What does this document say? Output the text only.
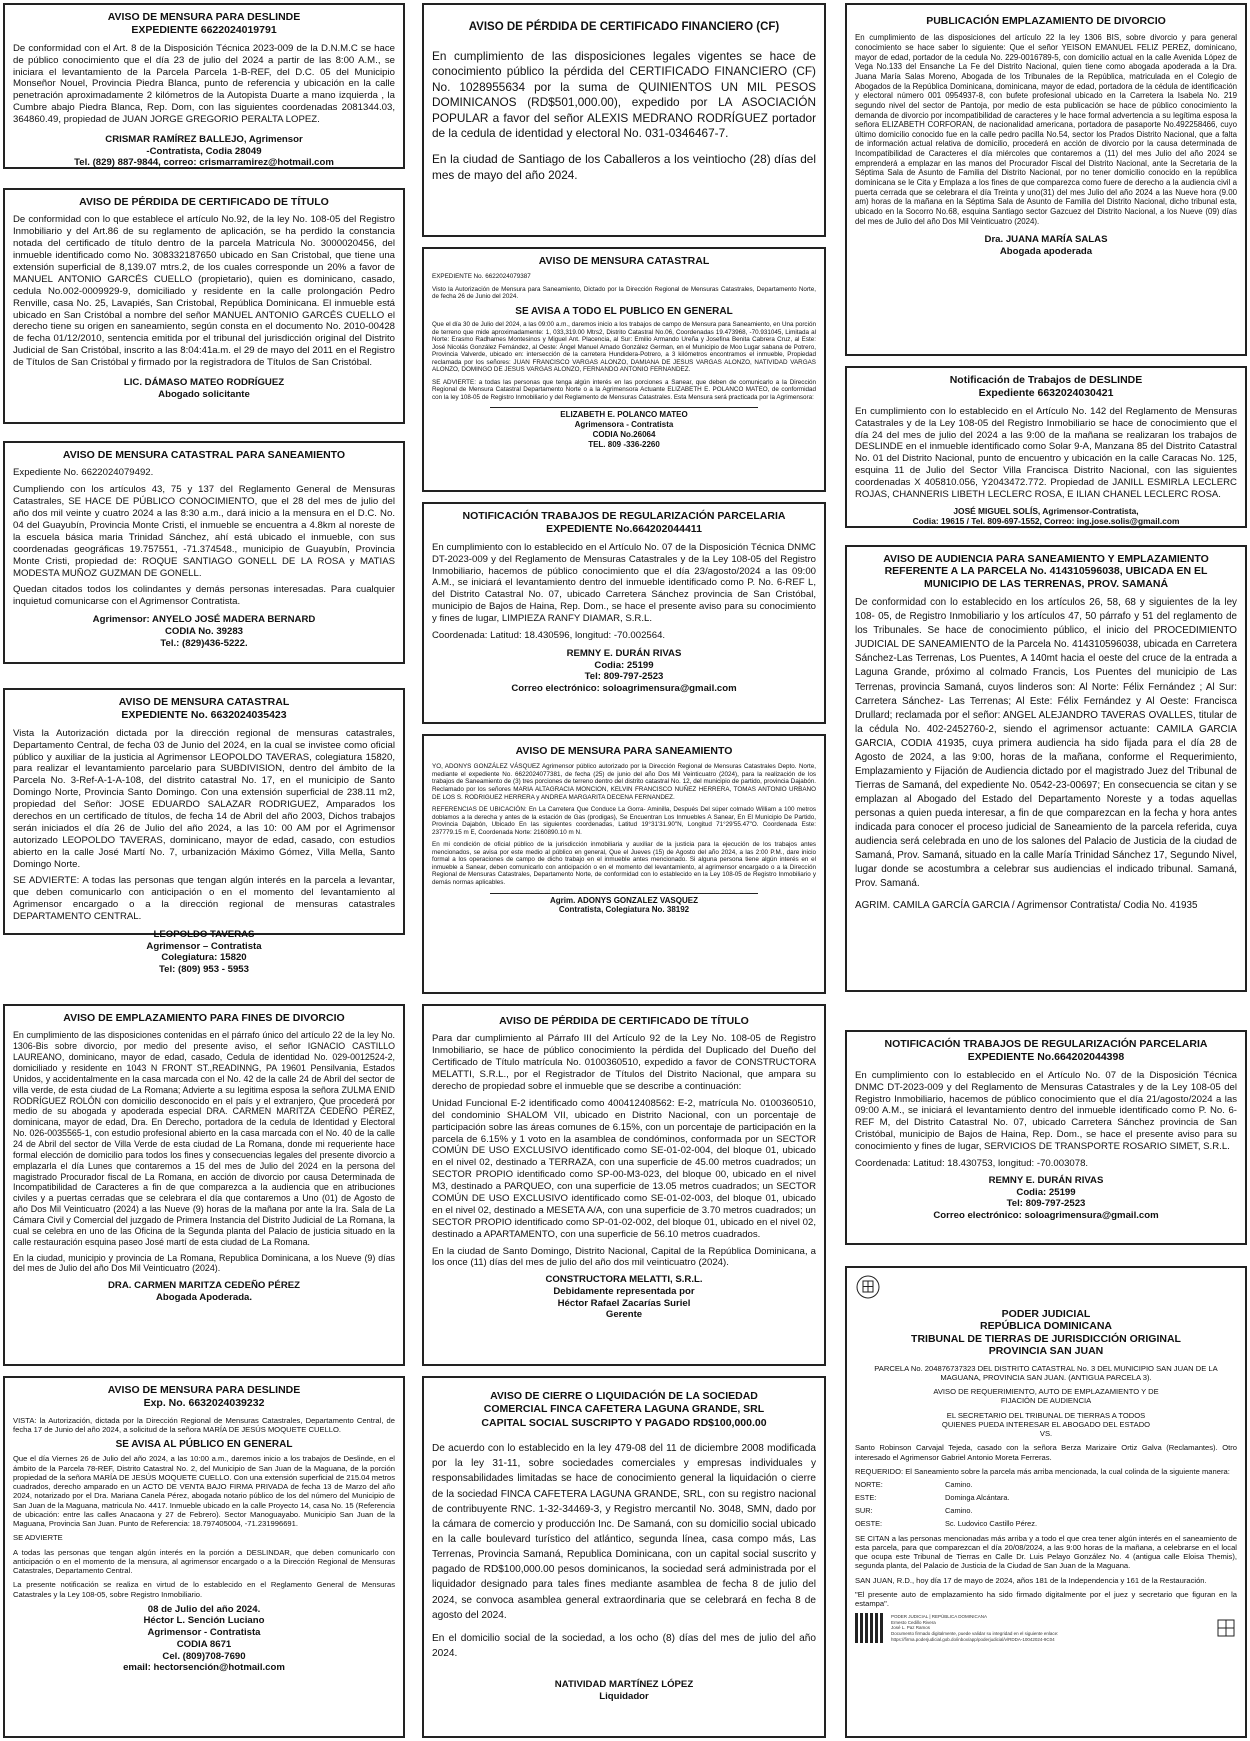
AVISO DE MENSURA PARA DESLINDE

EXPEDIENTE 6622024019791

De conformidad con el Art. 8 de la Disposición Técnica 2023-009 de la D.N.M.C se hace de público conocimiento que el día 23 de julio del 2024 a partir de las 8:00 A.M., se iniciara el levantamiento de la Parcela Parcela 1-B-REF, del D.C. 05 del Municipio Monseñor Nouel, Provincia Piedra Blanca, punto de referencia y ubicación en la calle penetración aproximadamente 2 kilómetros de la Autopista Duarte a mano izquierda , la Cumbre abajo Piedra Blanca, Rep. Dom, con las siguientes coordenadas 2081344.03, 364860.49, propiedad de JUAN JORGE GREGORIO PERALTA LOPEZ.

CRISMAR RAMÍREZ BALLEJO, Agrimensor

-Contratista, Codia 28049

Tel. (829) 887-9844, correo: crismarramirez@hotmail.com

AVISO DE PÉRDIDA DE CERTIFICADO DE TÍTULO

De conformidad con lo que establece el artículo No.92, de la ley No. 108-05 del Registro Inmobiliario y del Art.86 de su reglamento de aplicación, se ha perdido la constancia notada del certificado de título dentro de la parcela Matricula No. 3000020456, del inmueble identificado como No. 308332187650 ubicado en San Cristobal, que tiene una extensión superficial de 8,139.07 mtrs.2, de los cuales corresponde un 20% a favor de MANUEL ANTONIO GARCÉS CUELLO (propietario), quien es dominicano, casado, cedula No.002-0009929-9, domiciliado y residente en la calle prolongación Pedro Renville, casa No. 25, Lavapiés, San Cristobal, República Dominicana. El inmueble está ubicado en San Cristóbal a nombre del señor MANUEL ANTONIO GARCÉS CUELLO el derecho tiene su origen en saneamiento, según consta en el documento No. 2010-00428 de fecha 01/12/2010, sentencia emitida por el tribunal del jurisdicción original del Distrito Judicial de San Cristóbal, inscrito a las 8:04:41a.m. el 29 de mayo del 2011 en el Registro de Títulos de San Cristóbal y firmado por la registradora de Títulos de San Cristóbal.

LIC. DÁMASO MATEO RODRÍGUEZ

Abogado solicitante

AVISO DE MENSURA CATASTRAL PARA SANEAMIENTO

Expediente No. 6622024079492.

Cumpliendo con los artículos 43, 75 y 137 del Reglamento General de Mensuras Catastrales, SE HACE DE PÚBLICO CONOCIMIENTO, que el 28 del mes de julio del año dos mil veinte y cuatro 2024 a las 8:30 a.m., dará inicio a la mensura en el D.C. No. 04 del Guayubín, Provincia Monte Cristi, el inmueble se encuentra a 4.8km al noreste de la escuela básica maria Trinidad Sánchez, ahí está ubicado el inmueble, con sus coordenadas geográficas 19.757551, -71.374548., municipio de Guayubín, Provincia Monte Cristi, propiedad de: ROQUE SANTIAGO GONELL DE LA ROSA y MATIAS MODESTA MUÑOZ GUZMAN DE GONELL.

Quedan citados todos los colindantes y demás personas interesadas. Para cualquier inquietud comunicarse con el Agrimensor Contratista.

Agrimensor: ANYELO JOSÉ MADERA BERNARD

CODIA No. 39283

Tel.: (829)436-5222.

AVISO DE MENSURA CATASTRAL

EXPEDIENTE No. 6632024035423

Vista la Autorización dictada por la dirección regional de mensuras catastrales, Departamento Central, de fecha 03 de Junio del 2024, en la cual se invistee como oficial público y auxiliar de la justicia al Agrimensor LEOPOLDO TAVERAS, colegiatura 15820, para realizar el levantamiento parcelario para SUBDIVISION, dentro del ámbito de la Parcela No. 3-Ref-A-1-A-108, del distrito catastral No. 17, en el municipio de Santo Domingo Norte, Provincia Santo Domingo. Con una extensión superficial de 238.11 m2, propiedad del Señor: JOSE EDUARDO SALAZAR RODRIGUEZ, Amparados los derechos en un certificado de títulos, de fecha 14 de Abril del año 2003, Dichos trabajos serán iniciados el día 26 de Julio del año 2024, a las 10: 00 AM por el Agrimensor autorizado LEOPOLDO TAVERAS, dominicano, mayor de edad, casado, con estudios abierto en la calle José Martí No. 7, urbanización Máximo Gómez, Villa Mella, Santo Domingo Norte.

SE ADVIERTE: A todas las personas que tengan algún interés en la parcela a levantar, que deben comunicarlo con anticipación o en el momento del levantamiento al Agrimensor encargado o a la dirección regional de mensuras catastrales DEPARTAMENTO CENTRAL.

LEOPOLDO TAVERAS

Agrimensor – Contratista

Colegiatura: 15820

Tel: (809) 953 - 5953

AVISO DE EMPLAZAMIENTO PARA FINES DE DIVORCIO

En cumplimiento de las disposiciones contenidas en el párrafo único del artículo 22 de la ley No. 1306-Bis sobre divorcio, por medio del presente aviso, el señor IGNACIO CASTILLO LAUREANO, dominicano, mayor de edad, casado, Cedula de identidad No. 029-0012524-2, domiciliado y residente en 1043 N FRONT ST.,READINNG, PA 19601 Pensilvania, Estados Unidos, y accidentalmente en la casa marcada con el No. 42 de la calle 24 de Abril del sector de villa verde, de esta ciudad de La Romana; Advierte a su legitima esposa la señora ZULMA ENID RODRÍGUEZ ROLÓN con domicilio desconocido en el país y el extranjero, Que procederá por medio de su abogada y apoderada especial DRA. CARMEN MARITZA CEDEÑO PÉREZ, dominicana, mayor de edad, Dra. En Derecho, portadora de la cedula de Identidad y Electoral No. 026-0035565-1, con estudio profesional abierto en la casa marcada con el No. 40 de la calle 24 de Abril del sector de Villa Verde de esta ciudad de La Romana, donde mi requeriente hace formal elección de domicilio para todos los fines y consecuencias legales del presente divorcio a emplazarla el día Lunes que contaremos a 15 del mes de Julio del 2024 en la persona del magistrado Procurador fiscal de La Romana, en acción de divorcio por causa Determinada de Incompatibilidad de Caracteres a fin de que comparezca a la audiencia que en atribuciones civiles y a puertas cerradas que se celebrara el día que contaremos a Uno (01) de Agosto de año Dos Mil Veinticuatro (2024) a las Nueve (9) horas de la mañana por ante la Ira. Sala de La Cámara Civil y Comercial del juzgado de Primera Instancia del Distrito Judicial de La Romana, la cual se celebra en uno de las Oficina de la Segunda planta del Palacio de justicia situado en la calle restauración esquina paseo José martí de esta ciudad de La Romana.

En la ciudad, municipio y provincia de La Romana, Republica Dominicana, a los Nueve (9) días del mes de Julio del año Dos Mil Veinticuatro (2024).

DRA. CARMEN MARITZA CEDEÑO PÉREZ

Abogada Apoderada.

AVISO DE MENSURA PARA DESLINDE

Exp. No. 6632024039232

VISTA: la Autorización, dictada por la Dirección Regional de Mensuras Catastrales, Departamento Central, de fecha 17 de Junio del año 2024, a solicitud de la señora MARÍA DE JESÚS MOQUETE CUELLO.

SE AVISA AL PÚBLICO EN GENERAL

Que el día Viernes 26 de Julio del año 2024, a las 10:00 a.m., daremos inicio a los trabajos de Deslinde, en el ámbito de la Parcela 78-REF, Distrito Catastral No. 2, del Municipio de San Juan de la Maguana, de la porción propiedad de la señora MARÍA DE JESÚS MOQUETE CUELLO. Con una extensión superficial de 215.04 metros cuadrados, derecho amparado en un ACTO DE VENTA BAJO FIRMA PRIVADA de fecha 13 de Marzo del año 2024, notarizado por el Dra. Mariana Canela Pérez, abogada notario público de los del número del Municipio de San Juan de la Maguana, matricula No. 4417. Inmueble ubicado en la calle Proyecto 14, casa No. 15 (Referencia de ubicación: entre las calles Anacaona y 27 de Febrero). Sector Manoguayabo. Municipio San Juan de la Maguana, Provincia San Juan. Punto de Referencia: 18.797405004, -71.231996691.

SE ADVIERTE

A todas las personas que tengan algún interés en la porción a DESLINDAR, que deben comunicarlo con anticipación o en el momento de la mensura, al agrimensor encargado o a la Dirección Regional de Mensuras Catastrales, Departamento Central.

La presente notificación se realiza en virtud de lo establecido en el Reglamento General de Mensuras Catastrales y la Ley 108-05, sobre Registro Inmobiliario.

08 de Julio del año 2024.

Héctor L. Sención Luciano

Agrimensor - Contratista

CODIA 8671

Cel. (809)708-7690

email: hectorsención@hotmail.com

AVISO DE PÉRDIDA DE CERTIFICADO FINANCIERO (CF)

En cumplimiento de las disposiciones legales vigentes se hace de conocimiento público la pérdida del CERTIFICADO FINANCIERO (CF) No. 1028955634 por la suma de QUINIENTOS UN MIL PESOS DOMINICANOS (RD$501,000.00), expedido por LA ASOCIACIÓN POPULAR a favor del señor ALEXIS MEDRANO RODRÍGUEZ portador de la cedula de identidad y electoral No. 031-0346467-7.

En la ciudad de Santiago de los Caballeros a los veintiocho (28) días del mes de mayo del año 2024.

AVISO DE MENSURA CATASTRAL

EXPEDIENTE No. 6622024079387

Visto la Autorización de Mensura para Saneamiento, Dictado por la Dirección Regional de Mensuras Catastrales, Departamento Norte, de fecha 26 de Junio del 2024.

SE AVISA A TODO EL PUBLICO EN GENERAL

Que el día 30 de Julio del 2024, a las 09:00 a.m., daremos inicio a los trabajos de campo de Mensura para Saneamiento, en Una porción de terreno que mide aproximadamente: 1, 033,319.00 Mtrs2, Distrito Catastral No.06, Coordenadas 19.473968, -70.931045, Limitada al Norte: Erasmo Radhames Montesinos y Miguel Ant. Placencia, al Sur: Emilio Armando Ureña y Josefina Benita Cabrera Cruz, al Este: José Nicolás González Fernández, al Oeste: Ángel Manuel Amado González German, en el Municipio de Moo Lugar sabana de Potrero, Provincia Valverde, ubicado en: intersección de la carretera Hundidera-Potrero, a 3 kilómetros encontramos el inmueble, Propiedad reclamada por los señores: JUAN FRANCISCO VARGAS ALONZO, DAMIANA DE JESUS VARGAS ALONZO, NATIVIDAD VARGAS ALONZO, DOMINGO DE JESUS VARGAS ALONZO, FERNANDO ANTONIO FERNANDEZ.

SE ADVIERTE: a todas las personas que tenga algún interés en las porciones a Sanear, que deben de comunicarlo a la Dirección Regional de Mensura Catastral Departamento Norte o a la Agrimensora Actuante ELIZABETH E. POLANCO MATEO, de conformidad con la ley 108-05 de Registro Inmobiliario y del Reglamento de Mensuras Catastrales. Esta Mensura será practicada por la Agrimensora:

ELIZABETH E. POLANCO MATEO

Agrimensora - Contratista

CODIA No.26064

TEL. 809 -336-2260

NOTIFICACIÓN TRABAJOS DE REGULARIZACIÓN PARCELARIA

EXPEDIENTE No.664202044411

En cumplimiento con lo establecido en el Artículo No. 07 de la Disposición Técnica DNMC DT-2023-009 y del Reglamento de Mensuras Catastrales y de la Ley 108-05 del Registro Inmobiliario, hacemos de público conocimiento que el día 23/agosto/2024 a las 09:00 A.M., se iniciará el levantamiento dentro del inmueble identificado como P. No. 6-REF L, del Distrito Catastral No. 07, ubicado Carretera Sánchez provincia de San Cristóbal, municipio de Bajos de Haina, Rep. Dom., se hace el presente aviso para su conocimiento y fines de lugar, LIMPIEZA RANFY DIAMAR, S.R.L.

Coordenada: Latitud: 18.430596, longitud: -70.002564.

REMNY E. DURÁN RIVAS

Codia: 25199

Tel: 809-797-2523

Correo electrónico: soloagrimensura@gmail.com

AVISO DE MENSURA PARA SANEAMIENTO

YO, ADONYS GONZÁLEZ VÁSQUEZ Agrimensor público autorizado por la Dirección Regional de Mensuras Catastrales Depto. Norte, mediante el expediente No. 6622024077381, de fecha (25) de junio del año Dos Mil Veinticuatro (2024), para la realización de los trabajos de Saneamiento de (3) tres porciones de terreno dentro del distrito catastral No. 12, del municipio de partido, provincia Dajabón. Reclamado por los señores MARIA ALTAGRACIA MONCION, KELVIN FRANCISCO NUÑEZ HERRERA, TOMAS ANTONIO URBANO DE LOS S. RODRIGUEZ HERRERA y ANDREA MARGARITA DECENA FERNANDEZ.

REFERENCIAS DE UBICACIÓN: En La Carretera Que Conduce La Gorra- Aminilla, Después Del súper colmado William a 100 metros doblamos a la derecha y antes de la estación de Gas (prodigas), Se Encuentran Los Inmuebles A Sanear, En El Municipio De Partido, Provincia Dajabón, Ubicado En las siguientes coordenadas, Latitud 19°31'31.90"N, Longitud 71°29'55.47"O. Coordenada Este: 237779.15 m E, Coordenada Norte: 2160890.10 m N.

En mi condición de oficial público de la jurisdicción inmobiliaria y auxiliar de la justicia para la ejecución de los trabajos antes mencionados, se avisa por este medio al público en general, Que el Jueves (15) de Agosto del año 2024, a las 2:00 P.M., dare inicio formal a los operaciones de campo de dicho trabajo en el inmueble antes mencionado. Si alguna persona tiene algún interés en el inmueble a Sanear, deben comunicarlo con anticipación o en el momento del levantamiento, al agrimensor encargado o a la Dirección Regional de Mensuras Catastrales, Departamento Norte, de conformidad con lo establecido en la Ley 108-05 de Registro Inmobiliario y demás normas aplicables.

Agrim. ADONYS GONZALEZ VASQUEZ

Contratista, Colegiatura No. 38192

AVISO DE PÉRDIDA DE CERTIFICADO DE TÍTULO

Para dar cumplimiento al Párrafo III del Artículo 92 de la Ley No. 108-05 de Registro Inmobiliario, se hace de público conocimiento la pérdida del Duplicado del Dueño del Certificado de Título matrícula No. 0100360510, expedido a favor de CONSTRUCTORA MELATTI, S.R.L., por el Registrador de Títulos del Distrito Nacional, que ampara su derecho de propiedad sobre el inmueble que se describe a continuación:

Unidad Funcional E-2 identificado como 400412408562: E-2, matrícula No. 0100360510, del condominio SHALOM VII, ubicado en Distrito Nacional, con un porcentaje de participación sobre las áreas comunes de 6.15%, con un porcentaje de participación en la parcela de 6.15% y 1 voto en la asamblea de condóminos, conformada por un SECTOR COMÚN DE USO EXCLUSIVO identificado como SE-01-02-004, del bloque 01, ubicado en el nivel 02, destinado a TERRAZA, con una superficie de 45.00 metros cuadrados; un SECTOR PROPIO identificado como SP-00-M3-023, del bloque 00, ubicado en el nivel M3, destinado a PARQUEO, con una superficie de 13.05 metros cuadrados; un SECTOR COMÚN DE USO EXCLUSIVO identificado como SE-01-02-003, del bloque 01, ubicado en el nivel 02, destinado a MESETA A/A, con una superficie de 3.70 metros cuadrados; un SECTOR PROPIO identificado como SP-01-02-002, del bloque 01, ubicado en el nivel 02, destinado a APARTAMENTO, con una superficie de 56.10 metros cuadrados.

En la ciudad de Santo Domingo, Distrito Nacional, Capital de la República Dominicana, a los once (11) días del mes de julio del año dos mil veinticuatro (2024).

CONSTRUCTORA MELATTI, S.R.L.

Debidamente representada por

Héctor Rafael Zacarías Suriel

Gerente

AVISO DE CIERRE O LIQUIDACIÓN DE LA SOCIEDAD

COMERCIAL FINCA CAFETERA LAGUNA GRANDE, SRL

CAPITAL SOCIAL SUSCRIPTO Y PAGADO RD$100,000.00

De acuerdo con lo establecido en la ley 479-08 del 11 de diciembre 2008 modificada por la ley 31-11, sobre sociedades comerciales y empresas individuales y responsabilidades limitadas se hace de conocimiento general la liquidación o cierre de la sociedad FINCA CAFETERA LAGUNA GRANDE, SRL, con su registro nacional de contribuyente RNC. 1-32-34469-3, y Registro mercantil No. 3048, SMN, dado por la cámara de comercio y producción Inc. De Samaná, con su domicilio social ubicado en la calle boulevard turístico del atlántico, segunda línea, casa compo más, Las Terrenas, Provincia Samaná, Republica Dominicana, con un capital social suscrito y pagado de RD$100,000.00 pesos dominicanos, la sociedad será administrada por el liquidador designado para tales fines mediante asamblea de fecha 8 de julio del 2024, se convoca asamblea general extraordinaria que se celebrará en fecha 8 de agosto del 2024.

En el domicilio social de la sociedad, a los ocho (8) días del mes de julio del año 2024.

NATIVIDAD MARTÍNEZ LÓPEZ

Liquidador

PUBLICACIÓN EMPLAZAMIENTO DE DIVORCIO

En cumplimiento de las disposiciones del artículo 22 la ley 1306 BIS, sobre divorcio y para general conocimiento se hace saber lo siguiente: Que el señor YEISON EMANUEL FELIZ PEREZ, dominicano, mayor de edad, portador de la cedula No. 229-0016789-5, con domicilio actual en la calle Avenida López de Vega No.133 del Ensanche La Fe del Distrito Nacional, quien tiene como abogada apoderada a la Dra. Juana María Salas Moreno, Abogada de los Tribunales de la República, matriculada en el Colegio de Abogados de la República Dominicana, dominicana, mayor de edad, portadora de la cédula de identificación y electoral número 001 0954937-8, con bufete profesional ubicado en la Carretera la Isabela No. 219 segundo nivel del sector de Pantoja, por medio de esta publicación se hace de público conocimiento la demanda de divorcio por incompatibilidad de caracteres y le hace formal advertencia a su legítima esposa la señora ELIZABETH CORFORAN, de nacionalidad americana, portadora de pasaporte No.492258466, cuyo último domicilio conocido fue en la calle pedro pacilla No.54, sector los Prados Distrito Nacional, que a falta de información actual relativa de domicilio, procederá en acción de divorcio por la causa determinada de Incompatibilidad de Caracteres el día miércoles que contaremos a (11) del mes Julio del año 2024 se emprenderá a emplazar en las manos del Procurador Fiscal del Distrito Nacional, ante la Secretaria de la Séptima Sala de Asunto de Familia del Distrito Nacional, por no tener domicilio conocido en la república dominicana se le Cita y Emplaza a los fines de que comparezca como fuere de derecho a la audiencia civil a puerta cerrada que se celebrara el día Treinta y uno(31) del mes Julio del año 2024 a las Nueve hora (9.00 am) horas de la mañana en la Séptima Sala de Asunto de Familia del Distrito Nacional, dicho tribunal esta, ubicado en la Socorro No.68, esquina Santiago sector Gazcuez del Distrito Nacional, a los Nueve (09) días del mes de Julio del año Dos Mil Veinticuatro (2024).

Dra. JUANA MARÍA SALAS

Abogada apoderada

Notificación de Trabajos de DESLINDE

Expediente 6632024030421

En cumplimiento con lo establecido en el Artículo No. 142 del Reglamento de Mensuras Catastrales y de la Ley 108-05 del Registro Inmobiliario se hace de conocimiento que el día 24 del mes de julio del 2024 a las 9:00 de la mañana se realizaran los trabajos de DESLINDE en el inmueble identificado como Solar 9-A, Manzana 85 del Distrito Catastral No. 01 del Distrito Nacional, punto de encuentro y ubicación en la calle Caracas No. 125, esquina 11 de Julio del Sector Villa Francisca Distrito Nacional, con las siguientes coordenadas X 405810.056, Y2043472.772. Propiedad de JANILL ESMIRLA LECLERC ROJAS, CHANNERIS LIBETH LECLERC ROSA, E ILIAN CHANEL LECLERC ROSA.

JOSÉ MIGUEL SOLÍS, Agrimensor-Contratista,

Codia: 19615 / Tel. 809-697-1552, Correo: ing.jose.solis@gmail.com

AVISO DE AUDIENCIA PARA SANEAMIENTO Y EMPLAZAMIENTO

REFERENTE A LA PARCELA No. 414310596038, UBICADA EN EL

MUNICIPIO DE LAS TERRENAS, PROV. SAMANÁ

De conformidad con lo establecido en los artículos 26, 58, 68 y siguientes de la ley 108- 05, de Registro Inmobiliario y los artículos 47, 50 párrafo y 51 del reglamento de los Tribunales. Se hace de conocimiento público, el inicio del PROCEDIMIENTO JUDICIAL DE SANEAMIENTO de la Parcela No. 414310596038, ubicada en Carretera Sánchez-Las Terrenas, Los Puentes, A 140mt hacia el oeste del cruce de la entrada a Laguna Grande, próximo al colmado Francis, Los Puentes del municipio de Las Terrenas, provincia Samaná, cuyos linderos son: Al Norte: Félix Fernández ; Al Sur: Carretera Sánchez- Las Terrenas; Al Este: Félix Fernández y Al Oeste: Francisca Drullard; reclamada por el señor: ANGEL ALEJANDRO TAVERAS OVALLES, titular de la cédula No. 402-2452760-2, siendo el agrimensor actuante: CAMILA GARCIA GARCIA, CODIA 41935, cuya primera audiencia ha sido fijada para el día 28 de Agosto de 2024, a las 9:00, horas de la mañana, conforme el Requerimiento, Emplazamiento y Fijación de Audiencia dictado por el magistrado Juez del Tribunal de Tierras de Samaná, del expediente No. 0542-23-00697; En consecuencia se citan y se emplazan al Abogado del Estado del Departamento Noreste y a todas aquellas personas a quien pueda interesar, a fin de que comparezcan en la fecha y hora antes indicada para conocer el proceso judicial de Saneamiento de la parcela referida, cuya audiencia será celebrada en uno de los salones del Palacio de Justicia de la ciudad de Samaná, Prov. Samaná, situado en la calle María Trinidad Sánchez 17, Segundo Nivel, lugar donde se acostumbra a celebrar sus audiencias el indicado tribunal. Samaná, Prov. Samaná.

AGRIM. CAMILA GARCÍA GARCIA / Agrimensor Contratista/ Codia No. 41935

NOTIFICACIÓN TRABAJOS DE REGULARIZACIÓN PARCELARIA

EXPEDIENTE No.664202044398

En cumplimiento con lo establecido en el Artículo No. 07 de la Disposición Técnica DNMC DT-2023-009 y del Reglamento de Mensuras Catastrales y de la Ley 108-05 del Registro Inmobiliario, hacemos de público conocimiento que el día 21/agosto/2024 a las 09:00 A.M., se iniciará el levantamiento dentro del inmueble identificado como P. No. 6-REF M, del Distrito Catastral No. 07, ubicado Carretera Sánchez provincia de San Cristóbal, municipio de Bajos de Haina, Rep. Dom., se hace el presente aviso para su conocimiento y fines de lugar, SERVICIOS DE TRANSPORTE ROSARIO SIMET, S.R.L.

Coordenada: Latitud: 18.430753, longitud: -70.003078.

REMNY E. DURÁN RIVAS

Codia: 25199

Tel: 809-797-2523

Correo electrónico: soloagrimensura@gmail.com

PODER JUDICIAL

REPÚBLICA DOMINICANA

TRIBUNAL DE TIERRAS DE JURISDICCIÓN ORIGINAL

PROVINCIA SAN JUAN

PARCELA No. 204876737323 DEL DISTRITO CATASTRAL No. 3 DEL MUNICIPIO SAN JUAN DE LA MAGUANA, PROVINCIA SAN JUAN. (ANTIGUA PARCELA 3).

AVISO DE REQUERIMIENTO, AUTO DE EMPLAZAMIENTO Y DE FIJACIÓN DE AUDIENCIA

EL SECRETARIO DEL TRIBUNAL DE TIERRAS A TODOS QUIENES PUEDA INTERESAR EL ABOGADO DEL ESTADO VS.

Santo Robinson Carvajal Tejeda, casado con la señora Berza Marizaire Ortiz Galva (Reclamantes). Otro interesado el Agrimensor Gabriel Antonio Moreta Ferreras.

REQUERIDO: El Saneamiento sobre la parcela más arriba mencionada, la cual colinda de la siguiente manera:

NORTE:	Camino.
ESTE:	Dominga Alcántara.
SUR:	Camino.
OESTE:	Sc. Ludovico Castillo Pérez.

SE CITAN a las personas mencionadas más arriba y a todo el que crea tener algún interés en el saneamiento de esta parcela, para que comparezcan el día 20/08/2024, a las 9:00 horas de la mañana, a celebrarse en el local que ocupa este Tribunal de Tierras en Calle Dr. Luis Pelayo González No. 4 (antigua calle Eloisa Themis), segunda planta, del Palacio de Justicia de la Ciudad de San Juan de la Maguana.

SAN JUAN, R.D., hoy día 17 de mayo de 2024, años 181 de la Independencia y 161 de la Restauración.

"El presente auto de emplazamiento ha sido firmado digitalmente por el juez y secretario que figuran en la estampa".

PODER JUDICIAL | REPÚBLICA DOMINICANA
Ernesto Cedillo Rivera
José L. Paz Ramos
Documento firmado digitalmente, puede validar su integridad en el siguiente enlace:
https://firma.poderjudicial.gob.do/inbox/app/poderjudicial/v/RDDA-10042024-9C04
